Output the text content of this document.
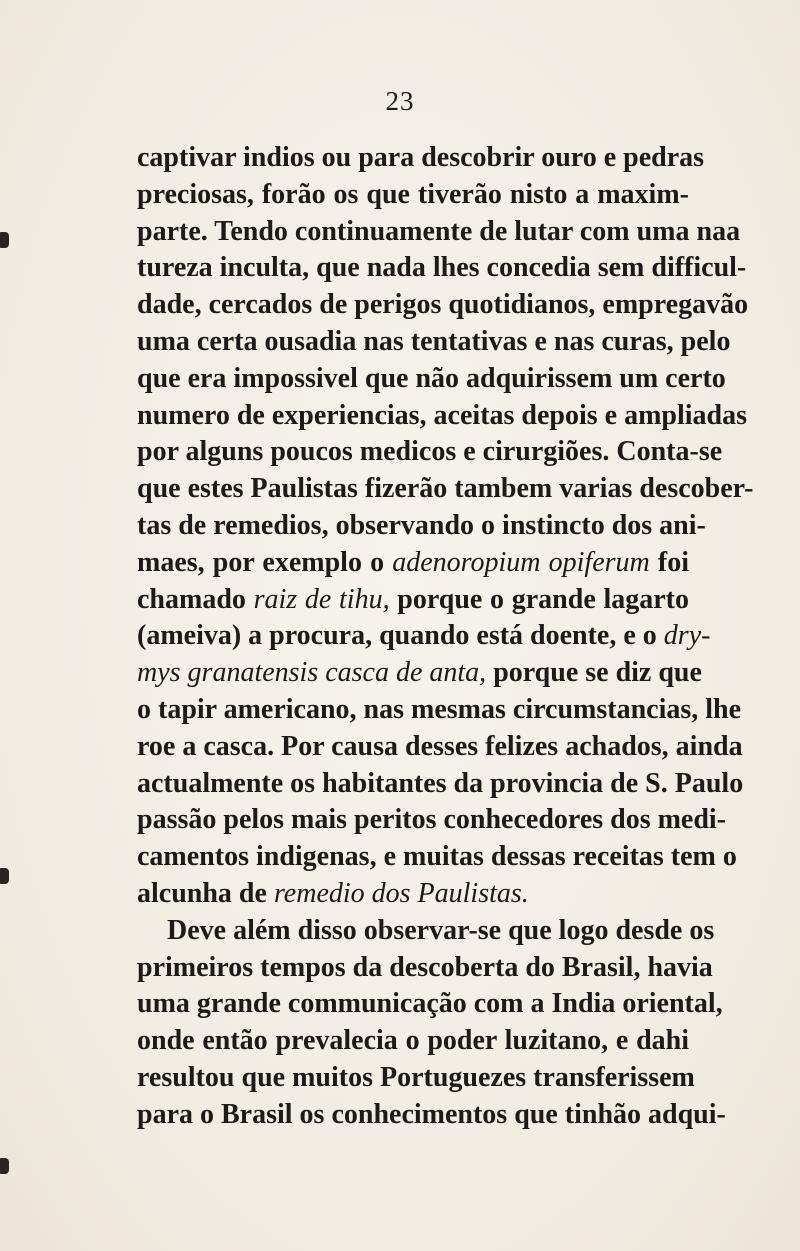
23
captivar indios ou para descobrir ouro e pedras
preciosas, forão os que tiverão nisto a maxim-
parte. Tendo continuamente de lutar com uma naa
tureza inculta, que nada lhes concedia sem difficul-
dade, cercados de perigos quotidianos, empregavão
uma certa ousadia nas tentativas e nas curas, pelo
que era impossivel que não adquirissem um certo
numero de experiencias, aceitas depois e ampliadas
por alguns poucos medicos e cirurgiões. Conta-se
que estes Paulistas fizerão tambem varias descober-
tas de remedios, observando o instincto dos ani-
maes, por exemplo o adenoropium opiferum foi
chamado raiz de tihu, porque o grande lagarto
(ameiva) a procura, quando está doente, e o dry-
mys granatensis casca de anta, porque se diz que
o tapir americano, nas mesmas circumstancias, lhe
roe a casca. Por causa desses felizes achados, ainda
actualmente os habitantes da provincia de S. Paulo
passão pelos mais peritos conhecedores dos medi-
camentos indigenas, e muitas dessas receitas tem o
alcunha de remedio dos Paulistas.
Deve além disso observar-se que logo desde os
primeiros tempos da descoberta do Brasil, havia
uma grande communicação com a India oriental,
onde então prevalecia o poder luzitano, e dahi
resultou que muitos Portuguezes transferissem
para o Brasil os conhecimentos que tinhão adqui-
